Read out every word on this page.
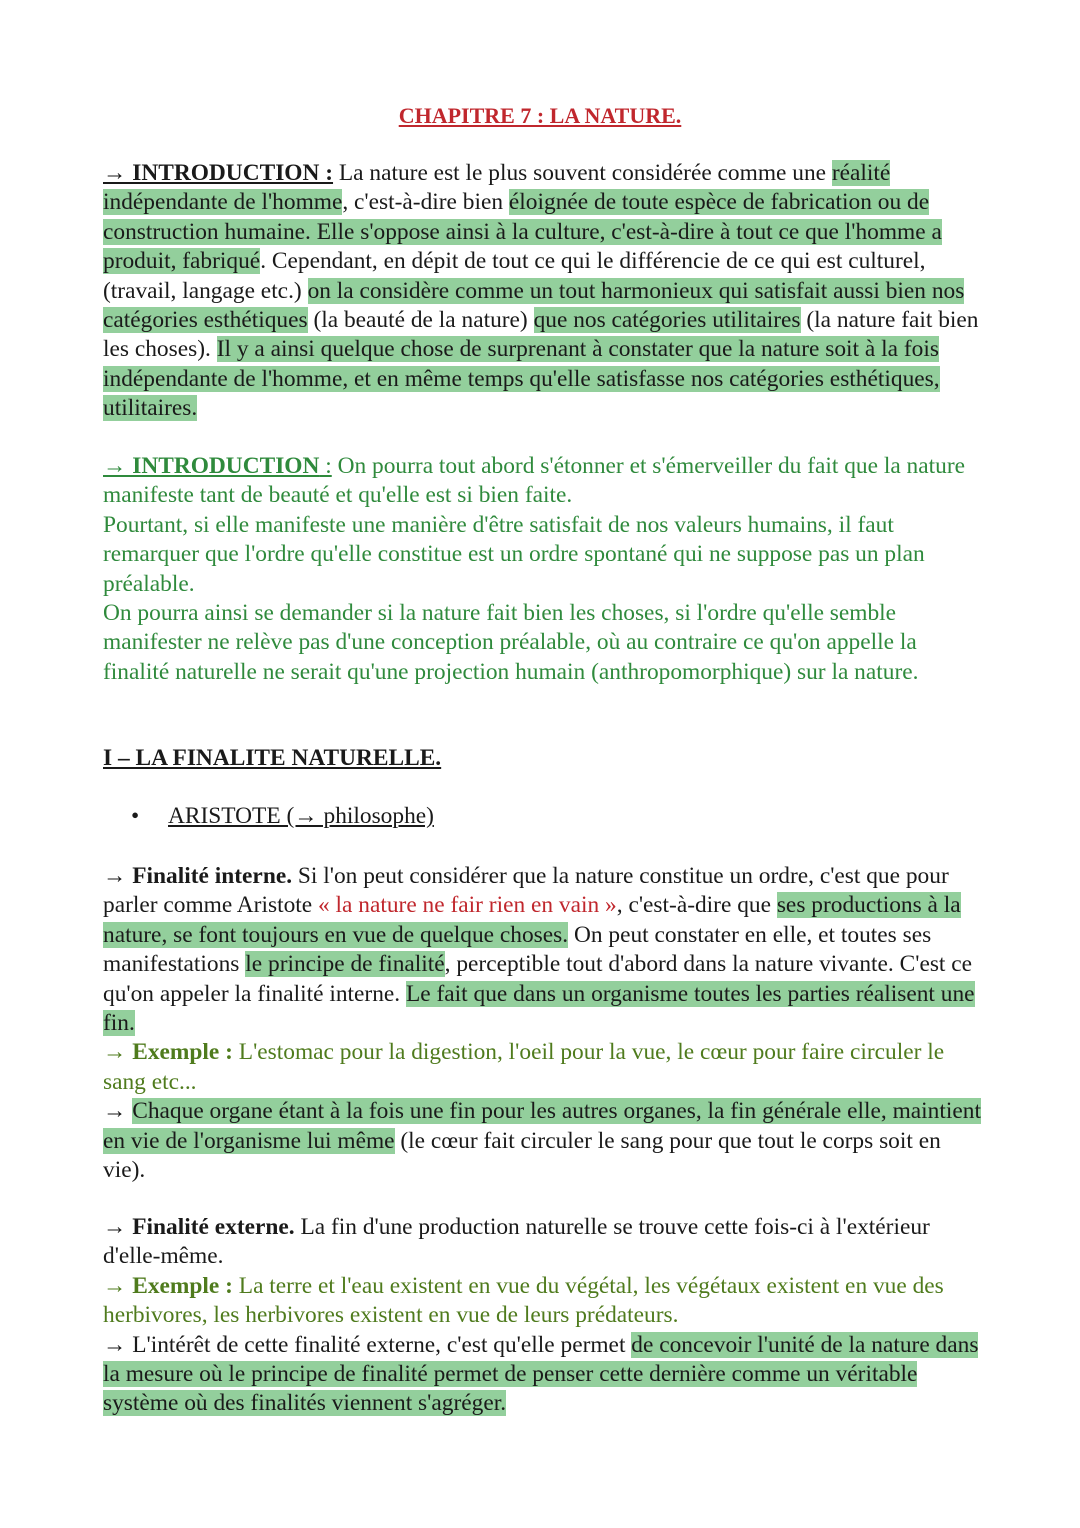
CHAPITRE 7 : LA NATURE.
→ INTRODUCTION : La nature est le plus souvent considérée comme une réalité indépendante de l'homme, c'est-à-dire bien éloignée de toute espèce de fabrication ou de construction humaine. Elle s'oppose ainsi à la culture, c'est-à-dire à tout ce que l'homme a produit, fabriqué. Cependant, en dépit de tout ce qui le différencie de ce qui est culturel, (travail, langage etc.) on la considère comme un tout harmonieux qui satisfait aussi bien nos catégories esthétiques (la beauté de la nature) que nos catégories utilitaires (la nature fait bien les choses). Il y a ainsi quelque chose de surprenant à constater que la nature soit à la fois indépendante de l'homme, et en même temps qu'elle satisfasse nos catégories esthétiques, utilitaires.
→ INTRODUCTION : On pourra tout abord s'étonner et s'émerveiller du fait que la nature manifeste tant de beauté et qu'elle est si bien faite.
Pourtant, si elle manifeste une manière d'être satisfait de nos valeurs humains, il faut remarquer que l'ordre qu'elle constitue est un ordre spontané qui ne suppose pas un plan préalable.
On pourra ainsi se demander si la nature fait bien les choses, si l'ordre qu'elle semble manifester ne relève pas d'une conception préalable, où au contraire ce qu'on appelle la finalité naturelle ne serait qu'une projection humain (anthropomorphique) sur la nature.
I – LA FINALITE NATURELLE.
• ARISTOTE (→ philosophe)
→ Finalité interne. Si l'on peut considérer que la nature constitue un ordre, c'est que pour parler comme Aristote « la nature ne fair rien en vain », c'est-à-dire que ses productions à la nature, se font toujours en vue de quelque choses. On peut constater en elle, et toutes ses manifestations le principe de finalité, perceptible tout d'abord dans la nature vivante. C'est ce qu'on appeler la finalité interne. Le fait que dans un organisme toutes les parties réalisent une fin.
→ Exemple : L'estomac pour la digestion, l'oeil pour la vue, le cœur pour faire circuler le sang etc...
→ Chaque organe étant à la fois une fin pour les autres organes, la fin générale elle, maintient en vie de l'organisme lui même (le cœur fait circuler le sang pour que tout le corps soit en vie).
→ Finalité externe. La fin d'une production naturelle se trouve cette fois-ci à l'extérieur d'elle-même.
→ Exemple : La terre et l'eau existent en vue du végétal, les végétaux existent en vue des herbivores, les herbivores existent en vue de leurs prédateurs.
→ L'intérêt de cette finalité externe, c'est qu'elle permet de concevoir l'unité de la nature dans la mesure où le principe de finalité permet de penser cette dernière comme un véritable système où des finalités viennent s'agréger.
